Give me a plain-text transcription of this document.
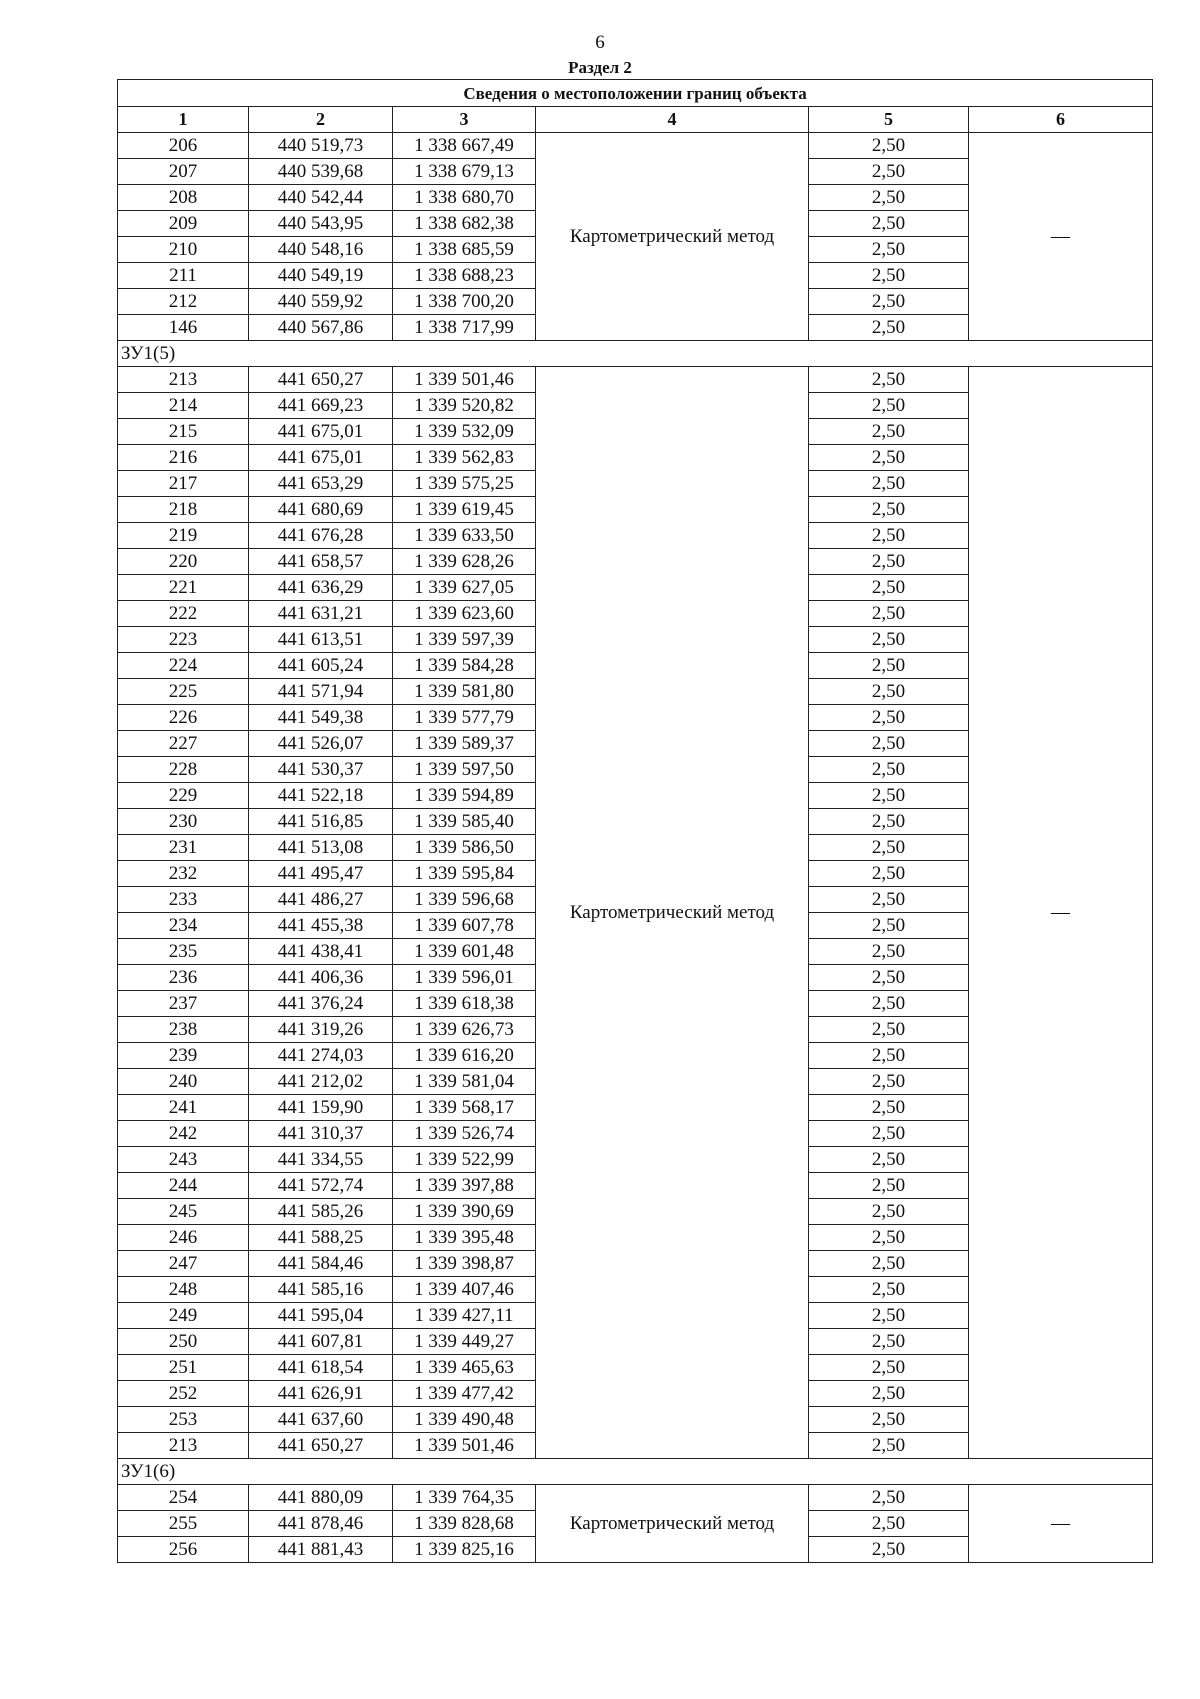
6
Раздел 2
Сведения о местоположении границ объекта					
1	2	3	4	5	6
206	440 519,73	1 338 667,49	Картометрический метод	2,50	—
207	440 539,68	1 338 679,13		2,50	
208	440 542,44	1 338 680,70		2,50	
209	440 543,95	1 338 682,38		2,50	
210	440 548,16	1 338 685,59		2,50	
211	440 549,19	1 338 688,23		2,50	
212	440 559,92	1 338 700,20		2,50	
146	440 567,86	1 338 717,99		2,50	
ЗУ1(5)					
213	441 650,27	1 339 501,46	Картометрический метод	2,50	—
214	441 669,23	1 339 520,82		2,50	
215	441 675,01	1 339 532,09		2,50	
216	441 675,01	1 339 562,83		2,50	
217	441 653,29	1 339 575,25		2,50	
218	441 680,69	1 339 619,45		2,50	
219	441 676,28	1 339 633,50		2,50	
220	441 658,57	1 339 628,26		2,50	
221	441 636,29	1 339 627,05		2,50	
222	441 631,21	1 339 623,60		2,50	
223	441 613,51	1 339 597,39		2,50	
224	441 605,24	1 339 584,28		2,50	
225	441 571,94	1 339 581,80		2,50	
226	441 549,38	1 339 577,79		2,50	
227	441 526,07	1 339 589,37		2,50	
228	441 530,37	1 339 597,50		2,50	
229	441 522,18	1 339 594,89		2,50	
230	441 516,85	1 339 585,40		2,50	
231	441 513,08	1 339 586,50		2,50	
232	441 495,47	1 339 595,84		2,50	
233	441 486,27	1 339 596,68		2,50	
234	441 455,38	1 339 607,78		2,50	
235	441 438,41	1 339 601,48		2,50	
236	441 406,36	1 339 596,01		2,50	
237	441 376,24	1 339 618,38		2,50	
238	441 319,26	1 339 626,73		2,50	
239	441 274,03	1 339 616,20		2,50	
240	441 212,02	1 339 581,04		2,50	
241	441 159,90	1 339 568,17		2,50	
242	441 310,37	1 339 526,74		2,50	
243	441 334,55	1 339 522,99		2,50	
244	441 572,74	1 339 397,88		2,50	
245	441 585,26	1 339 390,69		2,50	
246	441 588,25	1 339 395,48		2,50	
247	441 584,46	1 339 398,87		2,50	
248	441 585,16	1 339 407,46		2,50	
249	441 595,04	1 339 427,11		2,50	
250	441 607,81	1 339 449,27		2,50	
251	441 618,54	1 339 465,63		2,50	
252	441 626,91	1 339 477,42		2,50	
253	441 637,60	1 339 490,48		2,50	
213	441 650,27	1 339 501,46		2,50	
ЗУ1(6)					
254	441 880,09	1 339 764,35	Картометрический метод	2,50	—
255	441 878,46	1 339 828,68		2,50	
256	441 881,43	1 339 825,16		2,50	
